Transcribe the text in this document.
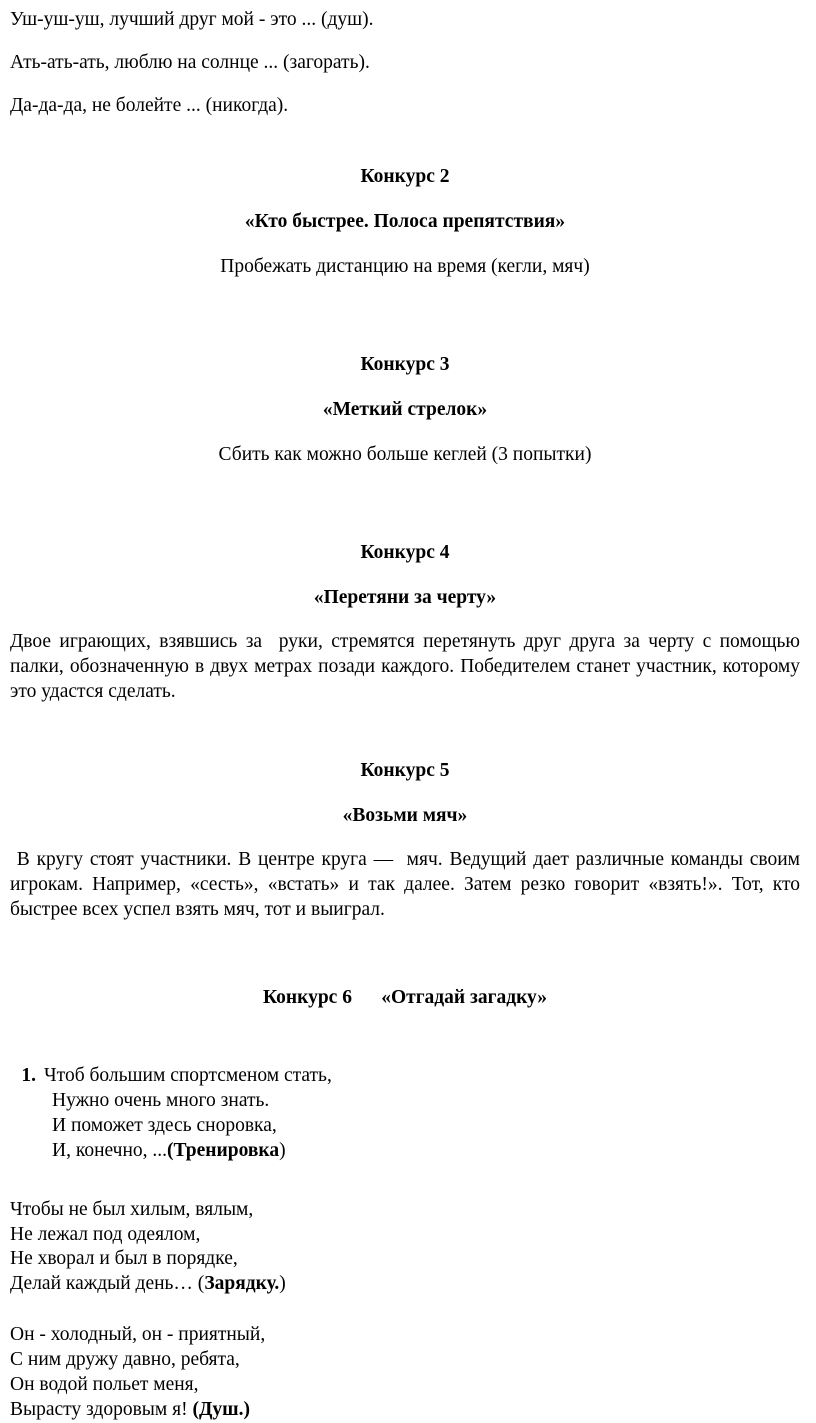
Уш-уш-уш, лучший друг мой - это ... (душ).

Ать-ать-ать, люблю на солнце ... (загорать).

Да-да-да, не болейте ... (никогда).

Конкурс 2

«Кто быстрее. Полоса препятствия»

Пробежать дистанцию на время (кегли, мяч)

Конкурс 3

«Меткий стрелок»

Сбить как можно больше кеглей (3 попытки)

Конкурс 4

«Перетяни за черту»

Двое играющих, взявшись за  руки, стремятся перетянуть друг друга за черту с помощью палки, обозначенную в двух метрах позади каждого. Победителем станет участник, которому это удастся сделать.

Конкурс 5

«Возьми мяч»

В кругу стоят участники. В центре круга —  мяч. Ведущий дает различные команды своим игрокам. Например, «сесть», «встать» и так далее. Затем резко говорит «взять!». Тот, кто быстрее всех успел взять мяч, тот и выиграл.

Конкурс 6 «Отгадай загадку»

1. Чтоб большим спортсменом стать,

Нужно очень много знать.

И поможет здесь сноровка,

И, конечно, ...(Тренировка)

Чтобы не был хилым, вялым,

Не лежал под одеялом,

Не хворал и был в порядке,

Делай каждый день… (Зарядку.)

Он - холодный, он - приятный,

С ним дружу давно, ребята,

Он водой польет меня,

Вырасту здоровым я! (Душ.)
